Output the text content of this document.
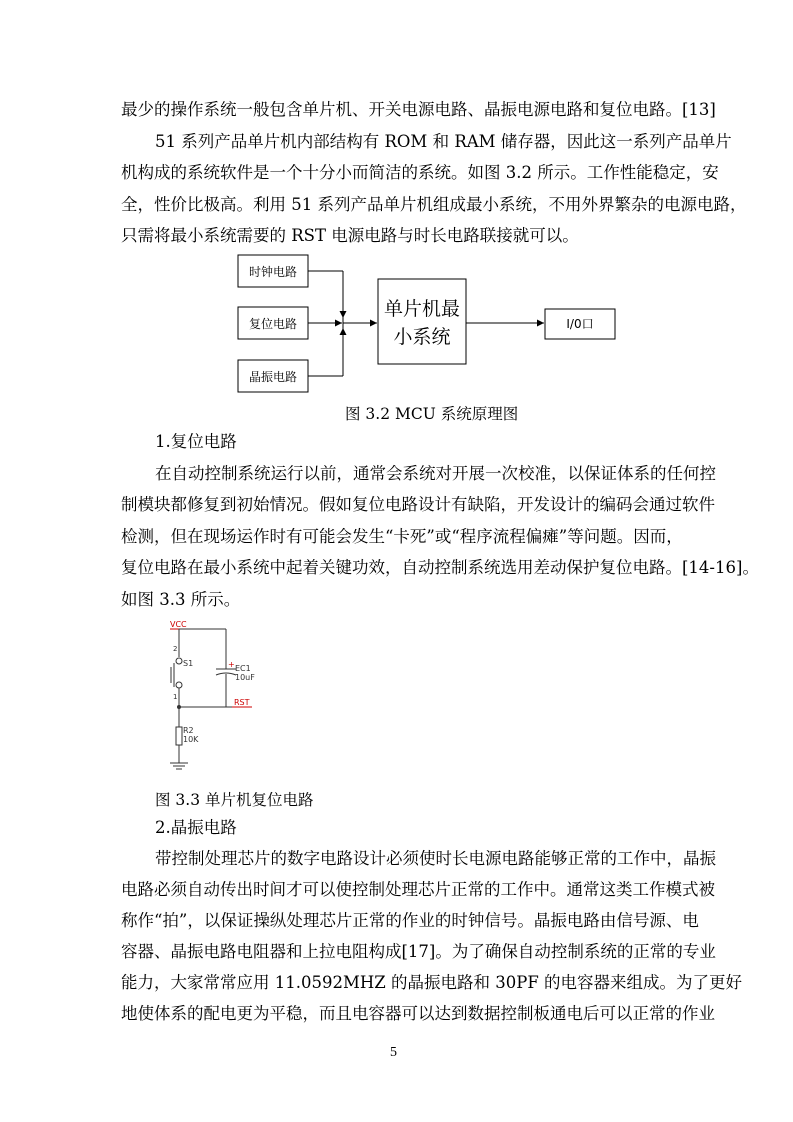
最少的操作系统一般包含单片机、开关电源电路、晶振电源电路和复位电路。[13]
51 系列产品单片机内部结构有 ROM 和 RAM 储存器，因此这一系列产品单片
机构成的系统软件是一个十分小而简洁的系统。如图 3.2 所示。工作性能稳定，安
全，性价比极高。利用 51 系列产品单片机组成最小系统，不用外界繁杂的电源电路，
只需将最小系统需要的 RST 电源电路与时长电路联接就可以。
时钟电路
复位电路
晶振电路
单片机最
小系统
I/0口
图 3.2 MCU 系统原理图
1.复位电路
在自动控制系统运行以前，通常会系统对开展一次校准，以保证体系的任何控
制模块都修复到初始情况。假如复位电路设计有缺陷，开发设计的编码会通过软件
检测，但在现场运作时有可能会发生“卡死”或“程序流程偏瘫”等问题。因而，
复位电路在最小系统中起着关键功效，自动控制系统选用差动保护复位电路。[14-16]。
如图 3.3 所示。
VCC
2
S1
1
+ EC1
10uF
RST
R2
10K
图 3.3 单片机复位电路
2.晶振电路
带控制处理芯片的数字电路设计必须使时长电源电路能够正常的工作中，晶振
电路必须自动传出时间才可以使控制处理芯片正常的工作中。通常这类工作模式被
称作“拍”，以保证操纵处理芯片正常的作业的时钟信号。晶振电路由信号源、电
容器、晶振电路电阻器和上拉电阻构成[17]。为了确保自动控制系统的正常的专业
能力，大家常常应用 11.0592MHZ 的晶振电路和 30PF 的电容器来组成。为了更好
地使体系的配电更为平稳，而且电容器可以达到数据控制板通电后可以正常的作业
5
